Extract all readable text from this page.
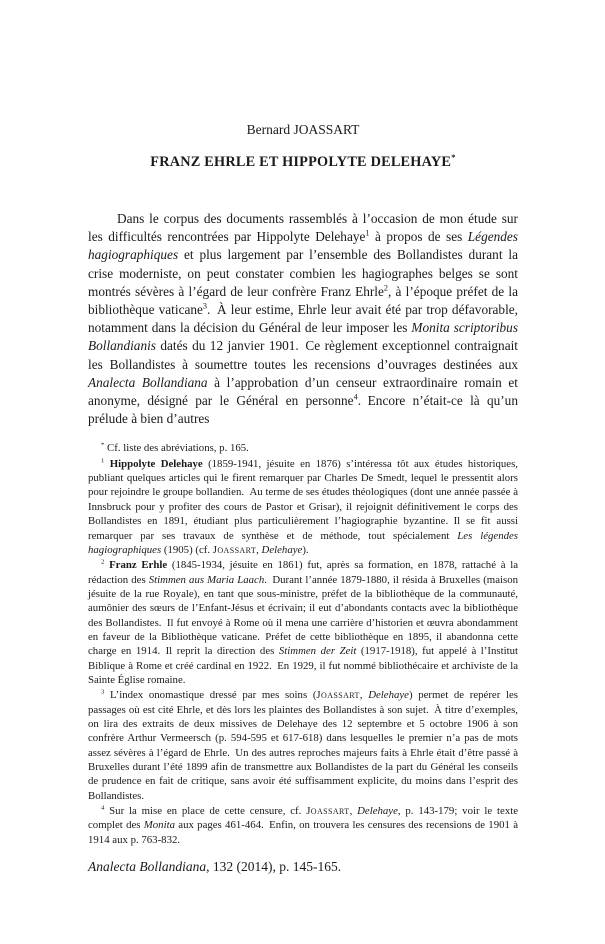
Bernard JOASSART
FRANZ EHRLE ET HIPPOLYTE DELEHAYE*

Dans le corpus des documents rassemblés à l’occasion de mon étude sur les difficultés rencontrées par Hippolyte Delehaye$^1$ à propos de ses Légendes hagiographiques et plus largement par l’ensemble des Bollandistes durant la crise moderniste, on peut constater combien les hagiographes belges se sont montrés sévères à l’égard de leur confrère Franz Ehrle$^2$, à l’époque préfet de la bibliothèque vaticane$^3$. À leur estime, Ehrle leur avait été par trop défavorable, notamment dans la décision du Général de leur imposer les Monita scriptoribus Bollandianis datés du 12 janvier 1901. Ce règlement exceptionnel contraignait les Bollandistes à soumettre toutes les recensions d’ouvrages destinées aux Analecta Bollandiana à l’approbation d’un censeur extraordinaire romain et anonyme, désigné par le Général en personne$^4$. Encore n’était-ce là qu’un prélude à bien d’autres

* Cf. liste des abréviations, p. 165.

$^1$ Hippolyte Delehaye (1859-1941, jésuite en 1876) s’intéressa tôt aux études historiques, publiant quelques articles qui le firent remarquer par Charles De Smedt, lequel le pressentit alors pour rejoindre le groupe bollandien. Au terme de ses études théologiques (dont une année passée à Innsbruck pour y profiter des cours de Pastor et Grisar), il rejoignit définitivement le corps des Bollandistes en 1891, étudiant plus particulièrement l’hagiographie byzantine. Il se fit aussi remarquer par ses travaux de synthèse et de méthode, tout spécialement Les légendes hagiographiques (1905) (cf. Joassart, Delehaye).

$^2$ Franz Erhle (1845-1934, jésuite en 1861) fut, après sa formation, en 1878, rattaché à la rédaction des Stimmen aus Maria Laach. Durant l’année 1879-1880, il résida à Bruxelles (maison jésuite de la rue Royale), en tant que sous-ministre, préfet de la bibliothèque de la communauté, aumônier des sœurs de l’Enfant-Jésus et écrivain; il eut d’abondants contacts avec la bibliothèque des Bollandistes. Il fut envoyé à Rome où il mena une carrière d’historien et œuvra abondamment en faveur de la Bibliothèque vaticane. Préfet de cette bibliothèque en 1895, il abandonna cette charge en 1914. Il reprit la direction des Stimmen der Zeit (1917-1918), fut appelé à l’Institut Biblique à Rome et créé cardinal en 1922. En 1929, il fut nommé bibliothécaire et archiviste de la Sainte Église romaine.

$^3$ L’index onomastique dressé par mes soins (Joassart, Delehaye) permet de repérer les passages où est cité Ehrle, et dès lors les plaintes des Bollandistes à son sujet. À titre d’exemples, on lira des extraits de deux missives de Delehaye des 12 septembre et 5 octobre 1906 à son confrère Arthur Vermeersch (p. 594-595 et 617-618) dans lesquelles le premier n’a pas de mots assez sévères à l’égard de Ehrle. Un des autres reproches majeurs faits à Ehrle était d’être passé à Bruxelles durant l’été 1899 afin de transmettre aux Bollandistes de la part du Général les conseils de prudence en fait de critique, sans avoir été suffisamment explicite, du moins dans l’esprit des Bollandistes.

$^4$ Sur la mise en place de cette censure, cf. Joassart, Delehaye, p. 143-179; voir le texte complet des Monita aux pages 461-464. Enfin, on trouvera les censures des recensions de 1901 à 1914 aux p. 763-832.

Analecta Bollandiana, 132 (2014), p. 145-165.
